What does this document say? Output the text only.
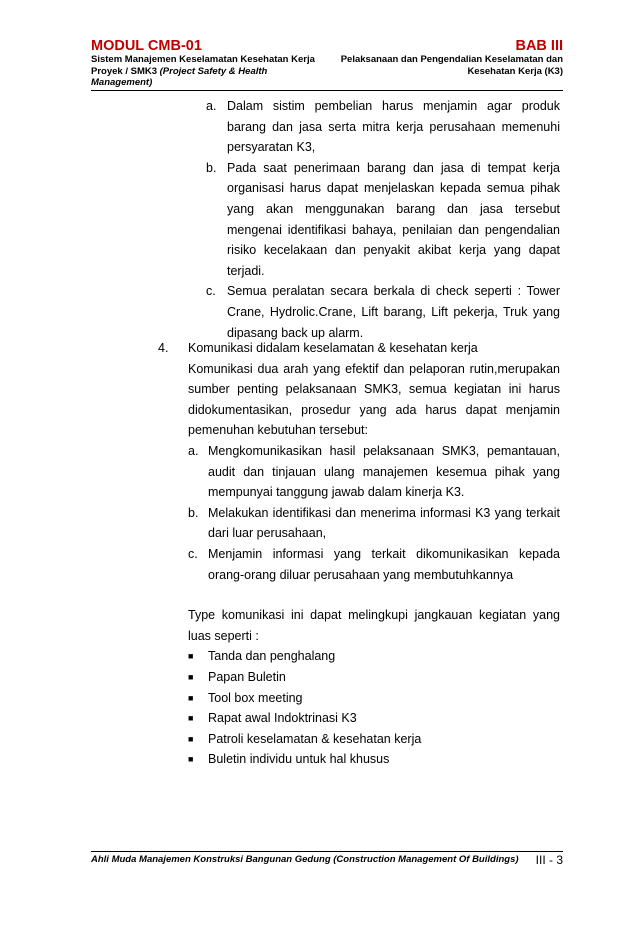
MODUL CMB-01	BAB III
Sistem Manajemen Keselamatan Kesehatan Kerja
Proyek / SMK3 (Project Safety & Health
Management)
Pelaksanaan dan Pengendalian Keselamatan dan
Kesehatan Kerja (K3)
a. Dalam sistim pembelian harus menjamin agar produk barang dan jasa serta mitra kerja perusahaan memenuhi persyaratan K3,
b. Pada saat penerimaan barang dan jasa di tempat kerja organisasi harus dapat menjelaskan kepada semua pihak yang akan menggunakan barang dan jasa tersebut mengenai identifikasi bahaya, penilaian dan pengendalian risiko kecelakaan dan penyakit akibat kerja yang dapat terjadi.
c. Semua peralatan secara berkala di check seperti : Tower Crane, Hydrolic.Crane, Lift barang, Lift pekerja, Truk yang dipasang back up alarm.
4. Komunikasi didalam keselamatan & kesehatan kerja
Komunikasi dua arah yang efektif dan pelaporan rutin,merupakan sumber penting pelaksanaan SMK3, semua kegiatan ini harus didokumentasikan, prosedur yang ada harus dapat menjamin pemenuhan kebutuhan tersebut:
a. Mengkomunikasikan hasil pelaksanaan SMK3, pemantauan, audit dan tinjauan ulang manajemen kesemua pihak yang mempunyai tanggung jawab dalam kinerja K3.
b. Melakukan identifikasi dan menerima informasi K3 yang terkait dari luar perusahaan,
c. Menjamin informasi yang terkait dikomunikasikan kepada orang-orang diluar perusahaan yang membutuhkannya
Type komunikasi ini dapat melingkupi jangkauan kegiatan yang luas seperti :
■	Tanda dan penghalang
■	Papan Buletin
■	Tool box meeting
■	Rapat awal Indoktrinasi K3
■	Patroli keselamatan & kesehatan kerja
■	Buletin individu untuk hal khusus
Ahli Muda Manajemen Konstruksi Bangunan Gedung (Construction Management Of Buildings) III - 3
